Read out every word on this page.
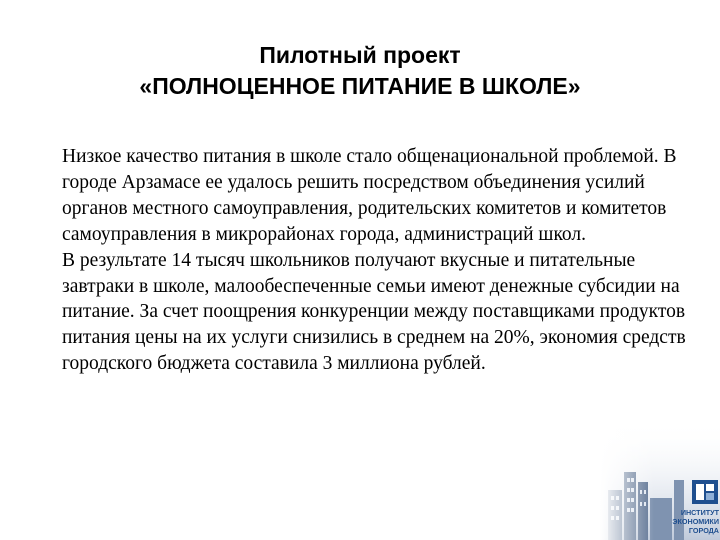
Пилотный проект
«ПОЛНОЦЕННОЕ ПИТАНИЕ В ШКОЛЕ»

Низкое качество питания в школе стало общенациональной проблемой. В городе Арзамасе ее удалось решить посредством объединения усилий органов местного самоуправления, родительских комитетов и комитетов самоуправления в микрорайонах города, администраций школ.

В результате 14 тысяч школьников получают вкусные и питательные завтраки в школе, малообеспеченные семьи имеют денежные субсидии на питание. За счет поощрения конкуренции между поставщиками продуктов питания цены на их услуги снизились в среднем на 20%, экономия средств городского бюджета составила 3 миллиона рублей.

ИНСТИТУТ
ЭКОНОМИКИ
ГОРОДА
